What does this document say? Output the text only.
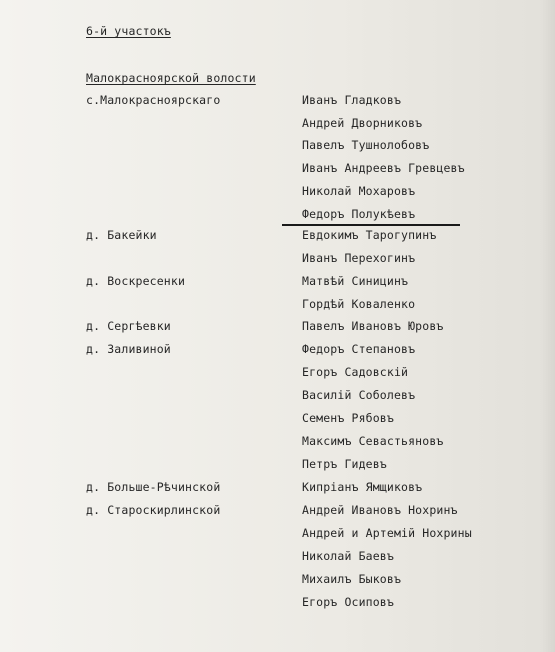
6-й участокъ
Малокраснoярской волости
с.Малокраснoярскаго
д. Бакейки
д. Воскресенки
д. Сергѣевки
д. Заливиной
д. Больше-Рѣчинской
д. Староскирлинской
Иванъ Гладковъ
Андрей Дворниковъ
Павелъ Тушнолобовъ
Иванъ Андреевъ Гревцевъ
Николай Мохаровъ
Федоръ Полукѣевъ
Евдокимъ Тарогупинъ
Иванъ Перехогинъ
Матвѣй Синицинъ
Гордѣй Коваленко
Павелъ Ивановъ Юровъ
Федоръ Степановъ
Егоръ Садовскій
Василій Соболевъ
Семенъ Рябовъ
Максимъ Севастьяновъ
Петръ Гидевъ
Кипріанъ Ямщиковъ
Андрей Ивановъ Нохринъ
Андрей и Артемій Нохрины
Николай Баевъ
Михаилъ Быковъ
Егоръ Осиповъ
